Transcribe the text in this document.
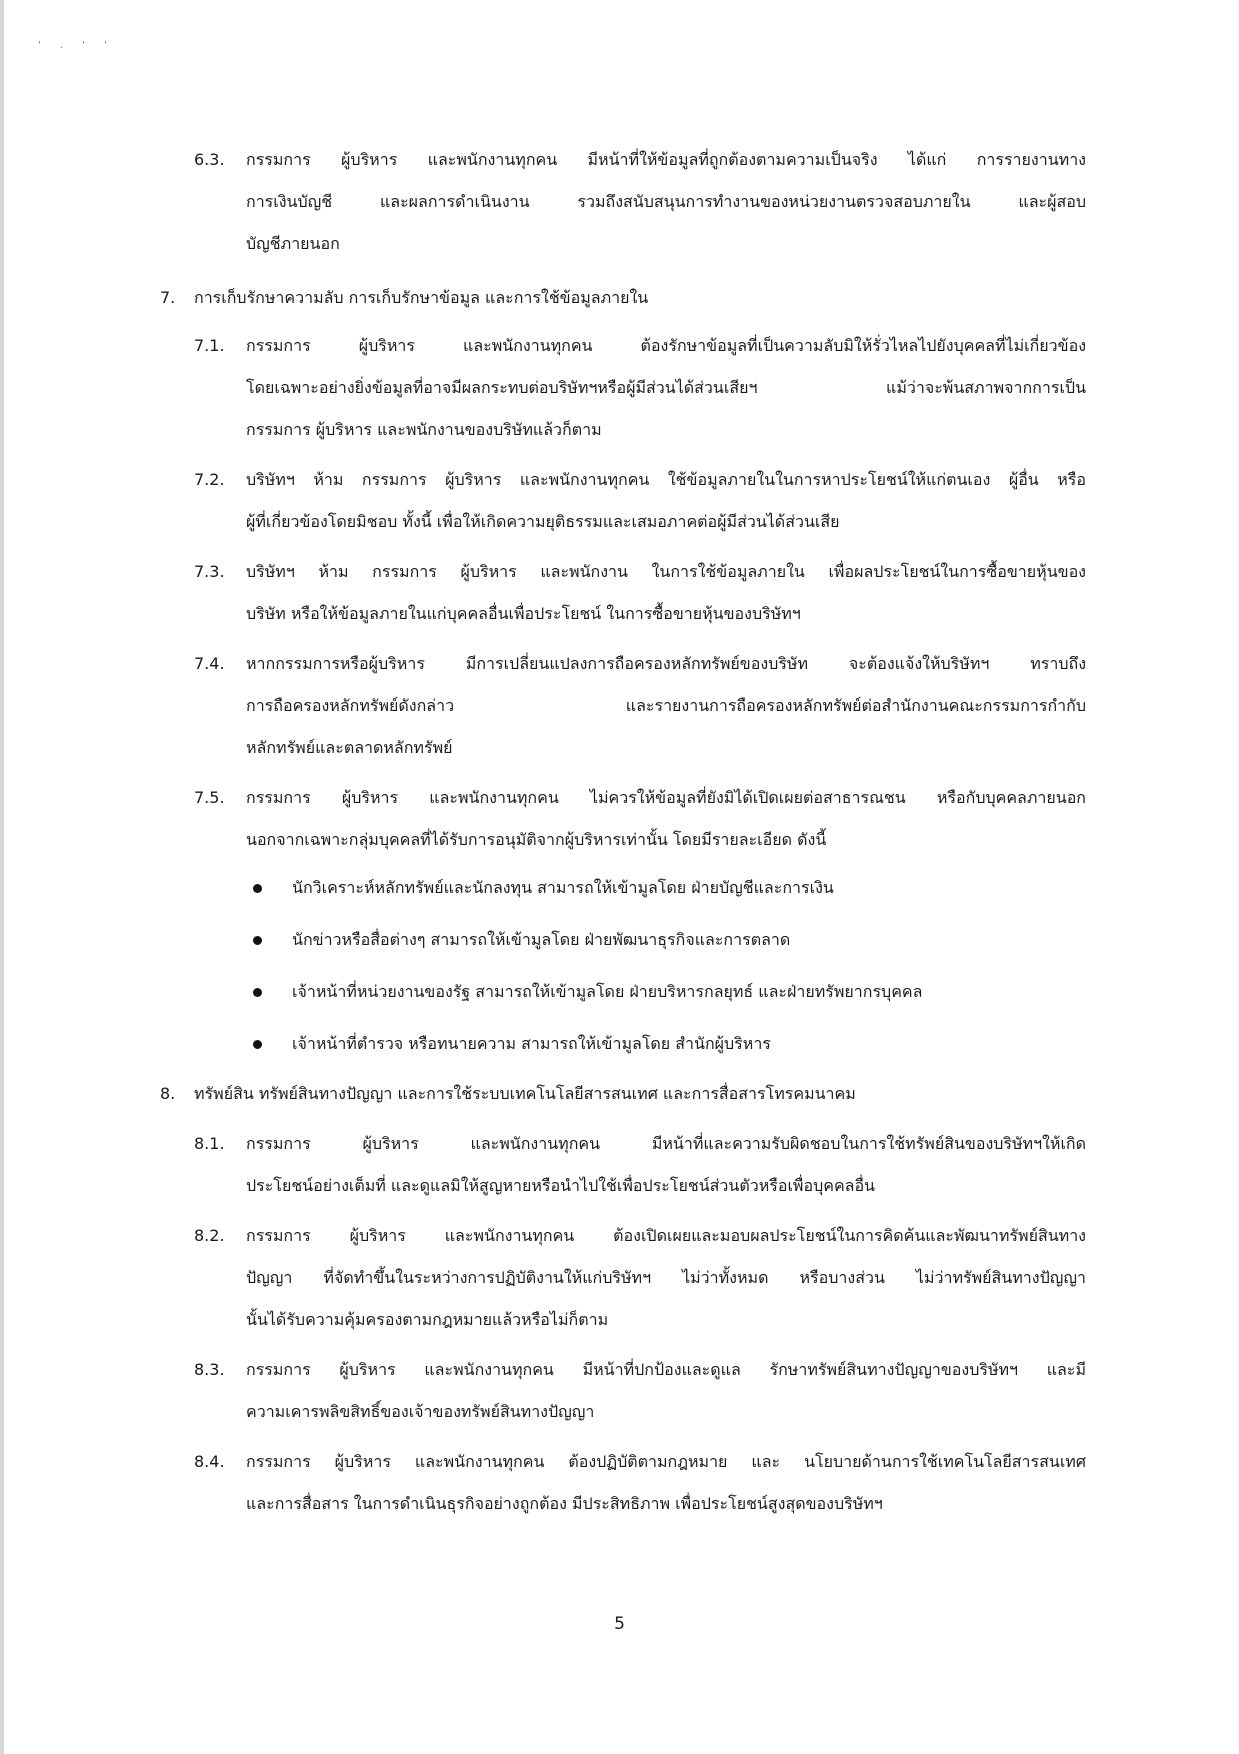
' . ' '
6.3. กรรมการ ผู้บริหาร และพนักงานทุกคน มีหน้าที่ให้ข้อมูลที่ถูกต้องตามความเป็นจริง ได้แก่ การรายงานทาง
การเงินบัญชี และผลการดำเนินงาน รวมถึงสนับสนุนการทำงานของหน่วยงานตรวจสอบภายใน และผู้สอบ
บัญชีภายนอก
7. การเก็บรักษาความลับ การเก็บรักษาข้อมูล และการใช้ข้อมูลภายใน
7.1. กรรมการ ผู้บริหาร และพนักงานทุกคน ต้องรักษาข้อมูลที่เป็นความลับมิให้รั่วไหลไปยังบุคคลที่ไม่เกี่ยวข้อง
โดยเฉพาะอย่างยิ่งข้อมูลที่อาจมีผลกระทบต่อบริษัทฯหรือผู้มีส่วนได้ส่วนเสียฯ แม้ว่าจะพ้นสภาพจากการเป็น
กรรมการ ผู้บริหาร และพนักงานของบริษัทแล้วก็ตาม
7.2. บริษัทฯ ห้าม กรรมการ ผู้บริหาร และพนักงานทุกคน ใช้ข้อมูลภายในในการหาประโยชน์ให้แก่ตนเอง ผู้อื่น หรือ
ผู้ที่เกี่ยวข้องโดยมิชอบ ทั้งนี้ เพื่อให้เกิดความยุติธรรมและเสมอภาคต่อผู้มีส่วนได้ส่วนเสีย
7.3. บริษัทฯ ห้าม กรรมการ ผู้บริหาร และพนักงาน ในการใช้ข้อมูลภายใน เพื่อผลประโยชน์ในการซื้อขายหุ้นของ
บริษัท หรือให้ข้อมูลภายในแก่บุคคลอื่นเพื่อประโยชน์ ในการซื้อขายหุ้นของบริษัทฯ
7.4. หากกรรมการหรือผู้บริหาร มีการเปลี่ยนแปลงการถือครองหลักทรัพย์ของบริษัท จะต้องแจ้งให้บริษัทฯ ทราบถึง
การถือครองหลักทรัพย์ดังกล่าว และรายงานการถือครองหลักทรัพย์ต่อสำนักงานคณะกรรมการกำกับ
หลักทรัพย์และตลาดหลักทรัพย์
7.5. กรรมการ ผู้บริหาร และพนักงานทุกคน ไม่ควรให้ข้อมูลที่ยังมิได้เปิดเผยต่อสาธารณชน หรือกับบุคคลภายนอก
นอกจากเฉพาะกลุ่มบุคคลที่ได้รับการอนุมัติจากผู้บริหารเท่านั้น โดยมีรายละเอียด ดังนี้
นักวิเคราะห์หลักทรัพย์และนักลงทุน สามารถให้เข้ามูลโดย ฝ่ายบัญชีและการเงิน
นักข่าวหรือสื่อต่างๆ สามารถให้เข้ามูลโดย ฝ่ายพัฒนาธุรกิจและการตลาด
เจ้าหน้าที่หน่วยงานของรัฐ สามารถให้เข้ามูลโดย ฝ่ายบริหารกลยุทธ์ และฝ่ายทรัพยากรบุคคล
เจ้าหน้าที่ตำรวจ หรือทนายความ สามารถให้เข้ามูลโดย สำนักผู้บริหาร
8. ทรัพย์สิน ทรัพย์สินทางปัญญา และการใช้ระบบเทคโนโลยีสารสนเทศ และการสื่อสารโทรคมนาคม
8.1. กรรมการ ผู้บริหาร และพนักงานทุกคน มีหน้าที่และความรับผิดชอบในการใช้ทรัพย์สินของบริษัทฯให้เกิด
ประโยชน์อย่างเต็มที่ และดูแลมิให้สูญหายหรือนำไปใช้เพื่อประโยชน์ส่วนตัวหรือเพื่อบุคคลอื่น
8.2. กรรมการ ผู้บริหาร และพนักงานทุกคน ต้องเปิดเผยและมอบผลประโยชน์ในการคิดค้นและพัฒนาทรัพย์สินทาง
ปัญญา ที่จัดทำขึ้นในระหว่างการปฏิบัติงานให้แก่บริษัทฯ ไม่ว่าทั้งหมด หรือบางส่วน ไม่ว่าทรัพย์สินทางปัญญา
นั้นได้รับความคุ้มครองตามกฎหมายแล้วหรือไม่ก็ตาม
8.3. กรรมการ ผู้บริหาร และพนักงานทุกคน มีหน้าที่ปกป้องและดูแล รักษาทรัพย์สินทางปัญญาของบริษัทฯ และมี
ความเคารพลิขสิทธิ์ของเจ้าของทรัพย์สินทางปัญญา
8.4. กรรมการ ผู้บริหาร และพนักงานทุกคน ต้องปฏิบัติตามกฎหมาย และ นโยบายด้านการใช้เทคโนโลยีสารสนเทศ
และการสื่อสาร ในการดำเนินธุรกิจอย่างถูกต้อง มีประสิทธิภาพ เพื่อประโยชน์สูงสุดของบริษัทฯ
5
